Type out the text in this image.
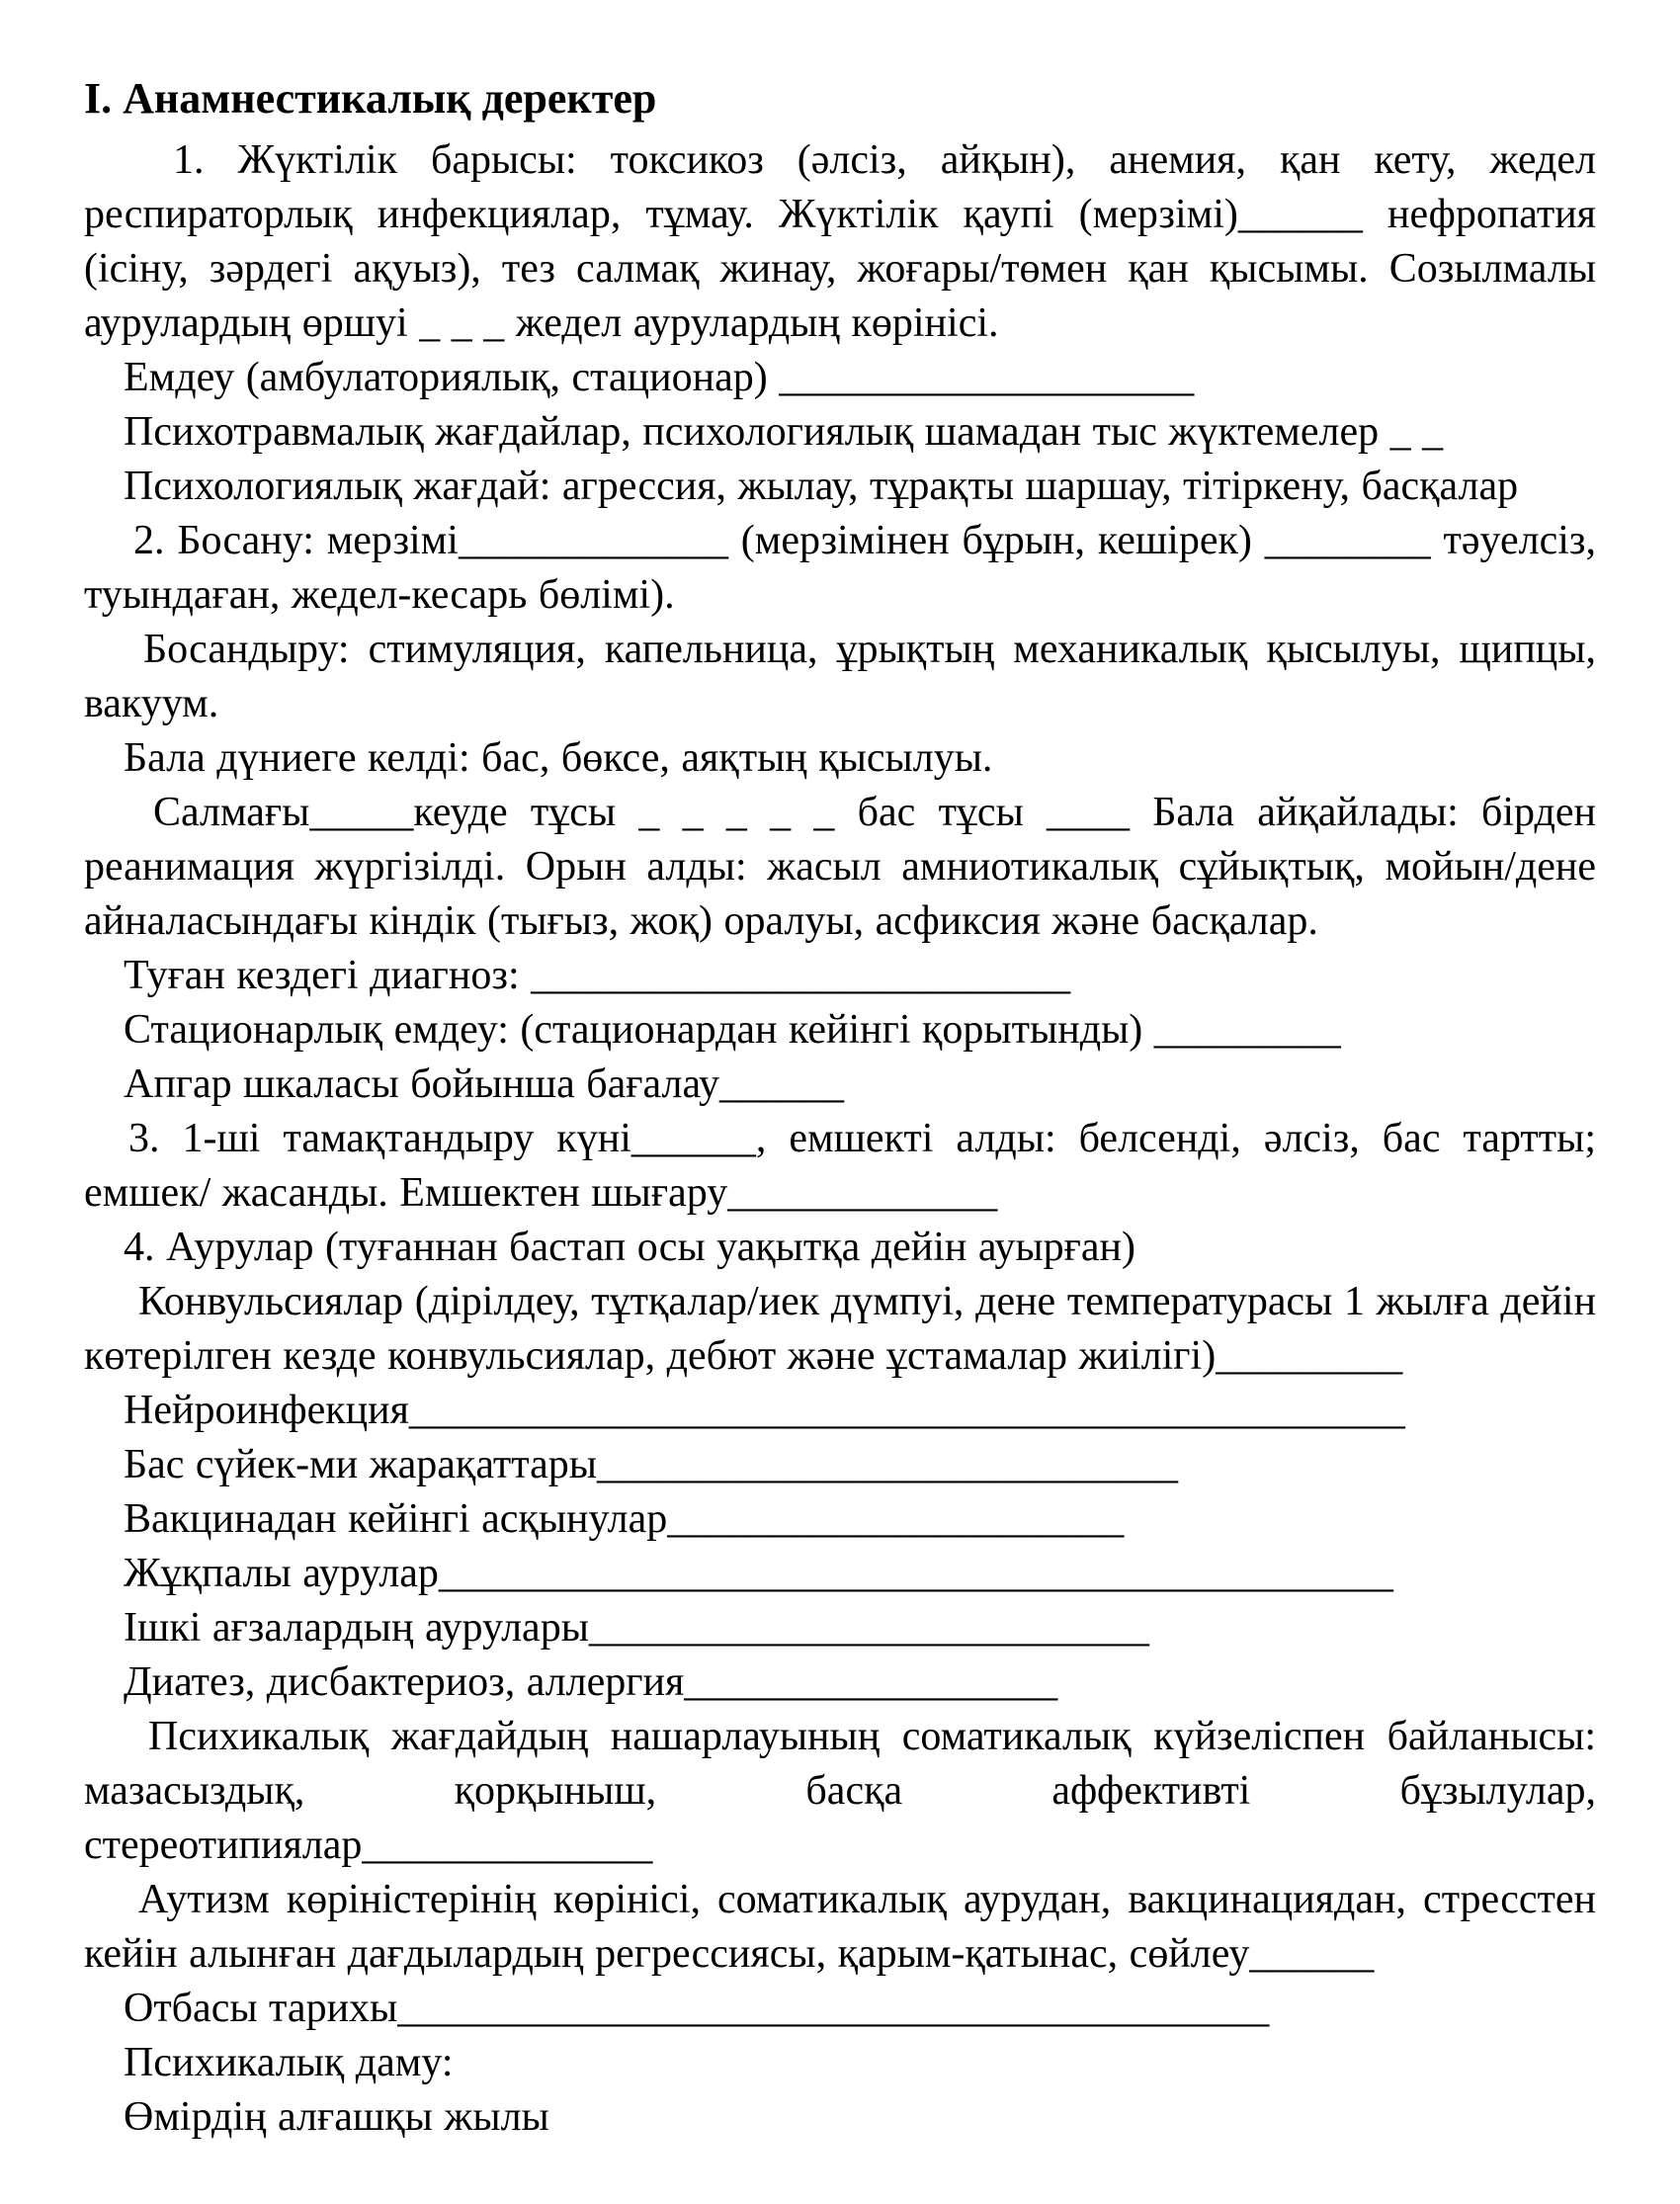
І. Анамнестикалық деректер

1. Жүктілік барысы: токсикоз (әлсіз, айқын), анемия, қан кету, жедел респираторлық инфекциялар, тұмау. Жүктілік қаупі (мерзімі)______ нефропатия (ісіну, зәрдегі ақуыз), тез салмақ жинау, жоғары/төмен қан қысымы. Созылмалы аурулардың өршуі _ _ _ жедел аурулардың көрінісі.

Емдеу (амбулаториялық, стационар) ____________________

Психотравмалық жағдайлар, психологиялық шамадан тыс жүктемелер _ _

Психологиялық жағдай: агрессия, жылау, тұрақты шаршау, тітіркену, басқалар

2. Босану: мерзімі_____________ (мерзімінен бұрын, кешірек) ________ тәуелсіз, туындаған, жедел-кесарь бөлімі).

Босандыру: стимуляция, капельница, ұрықтың механикалық қысылуы, щипцы, вакуум.

Бала дүниеге келді: бас, бөксе, аяқтың қысылуы.

Салмағы_____кеуде тұсы _ _ _ _ _ бас тұсы ____ Бала айқайлады: бірден реанимация жүргізілді. Орын алды: жасыл амниотикалық сұйықтық, мойын/дене айналасындағы кіндік (тығыз, жоқ) оралуы, асфиксия және басқалар.

Туған кездегі диагноз: __________________________

Стационарлық емдеу: (стационардан кейінгі қорытынды) _________

Апгар шкаласы бойынша бағалау______

3. 1-ші тамақтандыру күні______, емшекті алды: белсенді, әлсіз, бас тартты; емшек/ жасанды. Емшектен шығару_____________

4. Аурулар (туғаннан бастап осы уақытқа дейін ауырған)

Конвульсиялар (дірілдеу, тұтқалар/иек дүмпуі, дене температурасы 1 жылға дейін көтерілген кезде конвульсиялар, дебют және ұстамалар жиілігі)_________

Нейроинфекция________________________________________________

Бас сүйек-ми жарақаттары____________________________

Вакцинадан кейінгі асқынулар______________________

Жұқпалы аурулар______________________________________________

Ішкі ағзалардың аурулары___________________________

Диатез, дисбактериоз, аллергия__________________

Психикалық жағдайдың нашарлауының соматикалық күйзеліспен байланысы: мазасыздық, қорқыныш, басқа аффективті бұзылулар, стереотипиялар______________

Аутизм көріністерінің көрінісі, соматикалық аурудан, вакцинациядан, стресстен кейін алынған дағдылардың регрессиясы, қарым-қатынас, сөйлеу______

Отбасы тарихы__________________________________________

Психикалық даму:

Өмірдің алғашқы жылы
